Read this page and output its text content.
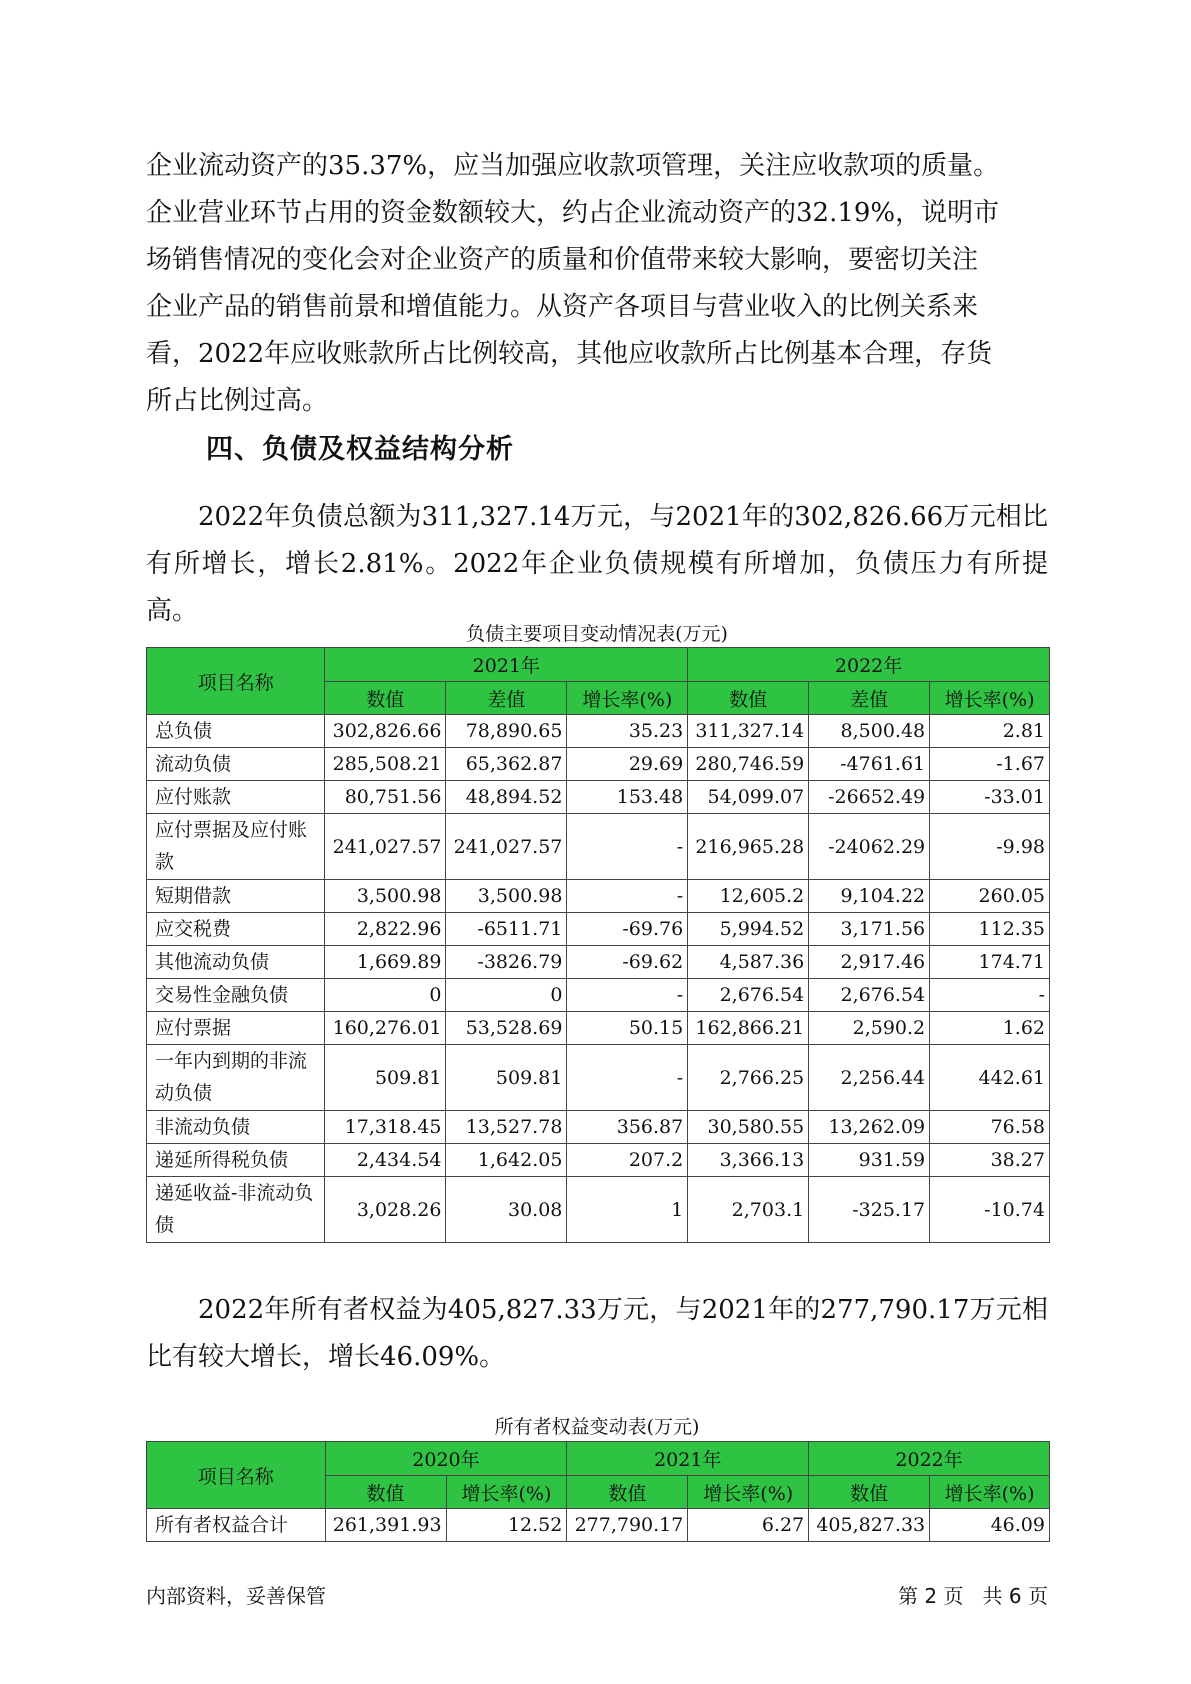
企业流动资产的35.37%，应当加强应收款项管理，关注应收款项的质量。

企业营业环节占用的资金数额较大，约占企业流动资产的32.19%，说明市

场销售情况的变化会对企业资产的质量和价值带来较大影响，要密切关注

企业产品的销售前景和增值能力。从资产各项目与营业收入的比例关系来

看，2022年应收账款所占比例较高，其他应收款所占比例基本合理，存货

所占比例过高。

四、负债及权益结构分析

2022年负债总额为311,327.14万元，与2021年的302,826.66万元相比有所增长，增长2.81%。2022年企业负债规模有所增加，负债压力有所提高。

负债主要项目变动情况表(万元)
项目名称	2021年			2022年		
	数值	差值	增长率(%)	数值	差值	增长率(%)
总负债	302,826.66	78,890.65	35.23	311,327.14	8,500.48	2.81
流动负债	285,508.21	65,362.87	29.69	280,746.59	-4761.61	-1.67
应付账款	80,751.56	48,894.52	153.48	54,099.07	-26652.49	-33.01
应付票据及应付账款	241,027.57	241,027.57	-	216,965.28	-24062.29	-9.98
短期借款	3,500.98	3,500.98	-	12,605.2	9,104.22	260.05
应交税费	2,822.96	-6511.71	-69.76	5,994.52	3,171.56	112.35
其他流动负债	1,669.89	-3826.79	-69.62	4,587.36	2,917.46	174.71
交易性金融负债	0	0	-	2,676.54	2,676.54	-
应付票据	160,276.01	53,528.69	50.15	162,866.21	2,590.2	1.62
一年内到期的非流动负债	509.81	509.81	-	2,766.25	2,256.44	442.61
非流动负债	17,318.45	13,527.78	356.87	30,580.55	13,262.09	76.58
递延所得税负债	2,434.54	1,642.05	207.2	3,366.13	931.59	38.27
递延收益-非流动负债	3,028.26	30.08	1	2,703.1	-325.17	-10.74

2022年所有者权益为405,827.33万元，与2021年的277,790.17万元相比有较大增长，增长46.09%。

所有者权益变动表(万元)
项目名称	2020年		2021年		2022年	
	数值	增长率(%)	数值	增长率(%)	数值	增长率(%)
所有者权益合计	261,391.93	12.52	277,790.17	6.27	405,827.33	46.09
内部资料，妥善保管	第 2 页   共 6 页
